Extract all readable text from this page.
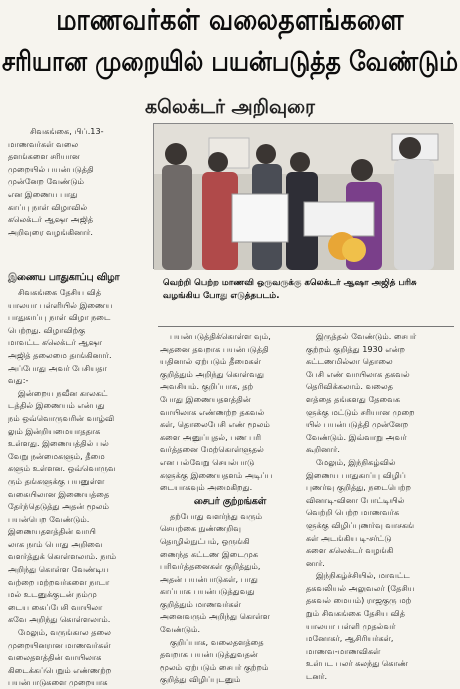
மாணவர்கள் வலைதளங்களை
சரியான முறையில் பயன்படுத்த வேண்டும்
கலெக்டர் அறிவுரை

சிவகங்கை, பிப்.13-
மாணவர்கள் வலை
தளங்களை சரியான
முறையில் பயன்படுத்தி
முன்னேற வேண்டும்
என இணைய பாது
காப்பு நாள் விழாவில்
கலெக்டர் ஆஷா அஜித்
அறிவுரை வழங்கினார்.

இணைய பாதுகாப்பு விழா

சிவகங்கை தேசிய வித்
யாலயா பள்ளியில் இணைய
பாதுகாப்பு நாள் விழா நடை
பெற்றது. விழாவிற்கு
மாவட்ட கலெக்டர் ஆஷா
அஜித் தலைமை தாங்கினார்.
அப்போது அவர் பேசியதா
வது:-

இன்றைய நவீன காலகட்
டத்தில் இணையம் என்பது
நம் ஒவ்வொருவரின் வாழ்வி
லும் இன்றியமையாததாக
உள்ளது. இணையத்தில் பல்
வேறு நன்மைகளும், தீமை
களும் உள்ளன. ஒவ்வொருவ
ரும் தங்களுக்கு பயனுள்ள
வகையிலான இணையத்தை
தேர்ந்தெடுத்து அதன் மூலம்
பயன்பெற வேண்டும்.
இணையதளத்தின் வாயி
லாக நாம் பொது அறிவை
வளர்த்துக் கொள்ளலாம். நாம்
அறிந்து கொள்ள வேண்டிய
வற்றை மற்றவர்களை நாடா
மல் உடனுக்குடன் நம்மு
டைய கைப்பேசி வாயிலா
கவே அறிந்து கொள்ளலாம்.

மேலும், வருங்கால தலை
முறையினரான மாணவர்கள்
வலைதளத்தின் வாயிலாக
கிடைக்கப்பெறும் எண்ணற்ற
பயன்பாடுகளை முறையாக

வெற்றி பெற்ற மாணவி ஒருவருக்கு கலெக்டர் ஆஷா அஜித் பரிசு
வழங்கிய போது எடுத்தபடம்.

பயன்படுத்திக்கொள்ள வும்,
அதனை தவறாக பயன்படுத்தி
யதினால் ஏற்படும் தீமைகள்
குறித்தும் அறிந்து கொள்வது
அவசியம். குறிப்பாக, தற்
போது இணையதளத்தின்
வாயிலாக எண்ணற்ற தகவல்
கள், தொலைபேசி எண் மூலம்
களை அனுப்புதல், பண பரி
வர்த்தனை மேற்கொள்ளுதல்
என பல்வேறு செயல்பாடு
களுக்கு இணையதளம் அடிப்ப
டையாகவும் அமைகிறது.

சைபர் குற்றங்கள்

தற்போது வளர்ந்து வரும்
செயற்கை நுண்ணறிவு
தொழில்நுட்பம், ஒருங்கி
ணைந்த கட்டண இடைமுக
பரிவர்த்தனைகள் குறித்தும்,
அதன் பயன்பாடுகள், பாது
காப்பாக பயன்படுத்துவது
குறித்தும் மாணவர்கள்
அனைவரும் அறிந்து கொள்ள
வேண்டும்.

குறிப்பாக, வலைதளத்தை
தவறாக பயன்படுத்துவதன்
மூலம் ஏற்படும் சைபர் குற்றம்
குறித்து விழிப்புடனும்

இருத்தல் வேண்டும். சைபர்
குற்றம் குறித்து 1930 என்ற
கட்டணமில்லா தொலை
பேசி எண் வாயிலாக தகவல்
தெரிவிக்கலாம். வலைத
ளத்தை தங்களது தேவைக
ளுக்கு மட்டும் சரியான முறை
யில் பயன்படுத்தி முன்னேற
வேண்டும். இவ்வாறு அவர்
கூறினார்.

மேலும், இந்நிகழ்வில்
இணைய பாதுகாப்பு விழிப்
புணர்வு குறித்து, நடைபெற்ற
வினாடி-வினா போட்டியில்
வெற்றி பெற்ற மாணவர்க
ளுக்கு விழிப்புணர்வு வாசகங்
கள் அடங்கிய டி-சர்ட்டு
களை கலெக்டர் வழங்கி
னார்.

இந்நிகழ்ச்சியில், மாவட்ட
தகவலியல் அலுவலர் (தேசிய
தகவல் மையம்) ராஜகுரு மற்
றும் சிவகங்கை தேசிய வித்
யாலயா பள்ளி முதல்வர்
மனோகர், ஆசிரியர்கள்,
மாணவ-மாணவிகள்
உள்பட பலர் கலந்து கொண்
டனர்.
